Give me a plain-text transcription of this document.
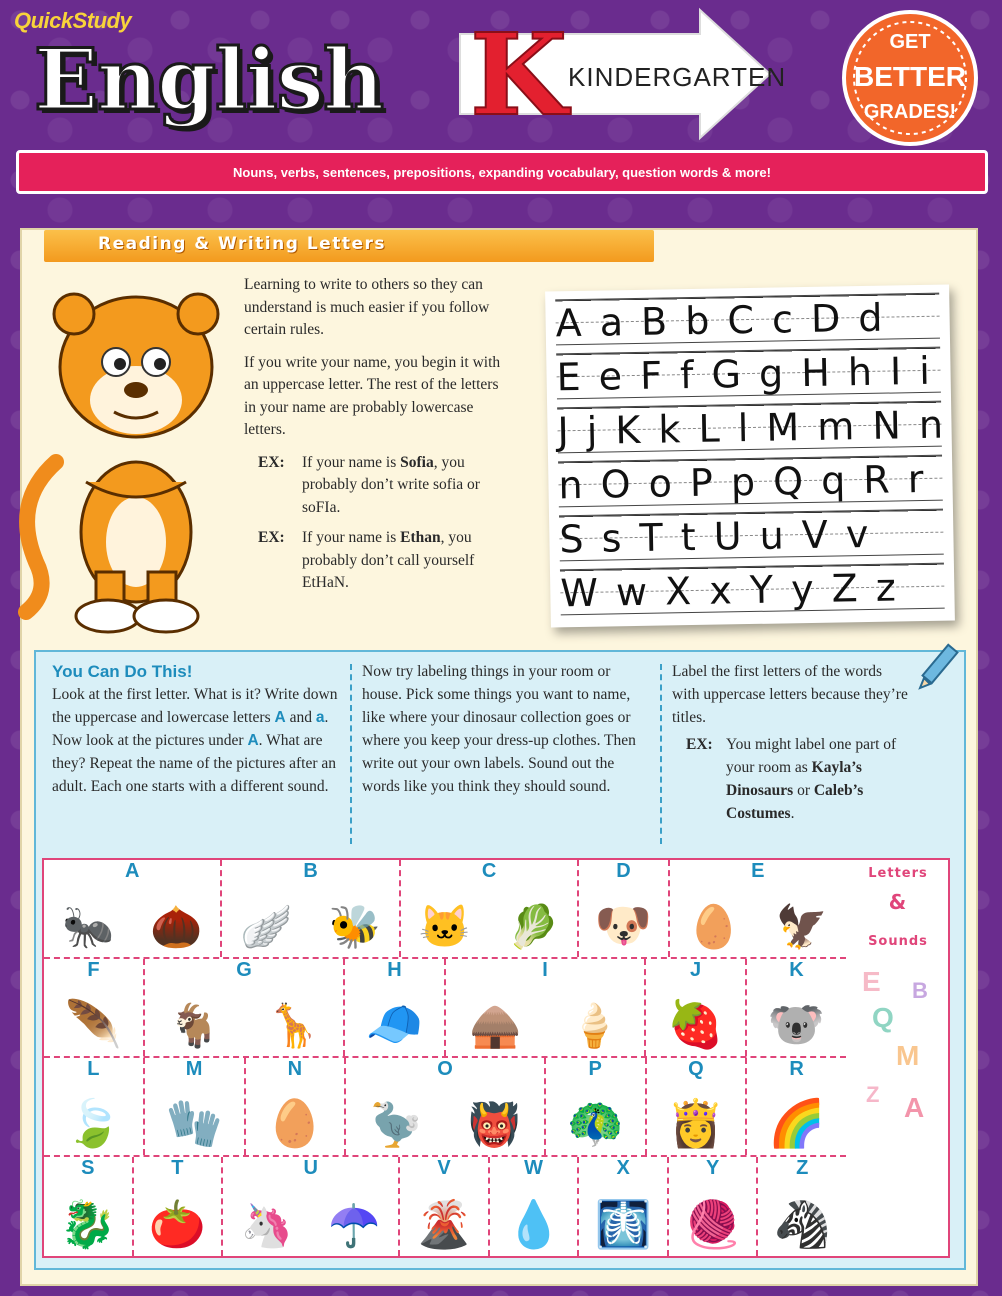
QuickStudy
English K KINDERGARTEN
GET
BETTER
GRADES!
Nouns, verbs, sentences, prepositions, expanding vocabulary, question words & more!
Reading & Writing Letters

Learning to write to others so they can understand is much easier if you follow certain rules.

If you write your name, you begin it with an uppercase letter. The rest of the letters in your name are probably lowercase letters.

EX:	If your name is Sofia, you probably don’t write sofia or soFIa.
EX:	If your name is Ethan, you probably don’t call yourself EtHaN.
A a B b C c D d
E e F f G g H h I i
J j K k L l M m N n
n O o P p Q q R r
S s T t U u V v
W w X x Y y Z z
You Can Do This!
Look at the first letter. What is it? Write down the uppercase and lowercase letters A and a.
Now look at the pictures under A. What are they? Repeat the name of the pictures after an adult. Each one starts with a different sound.
Now try labeling things in your room or house. Pick some things you want to name, like where your dinosaur collection goes or where you keep your dress-up clothes. Then write out your own labels. Sound out the words like you think they should sound.
Label the first letters of the words with uppercase letters because they’re titles.
EX: You might label one part of your room as Kayla’s Dinosaurs or Caleb’s Costumes.
A
🐜 🌰
B
🪽 🐝
C
🐱 🥬
D
🐶
E
🥚 🦅
F
🪶
G
🐐 🦒
H
🧢
I
🛖 🍦
J
🍓
K
🐨
L
🍃
M
🧤
N
🥚
O
🦤 👹
P
🦚
Q
👸
R
🌈
S
🐉
T
🍅
U
🦄 ☂️
V
🌋
W
💧
X
🩻
Y
🧶
Z
🦓
Letters
&
Sounds
E B
Q
M
Z A
